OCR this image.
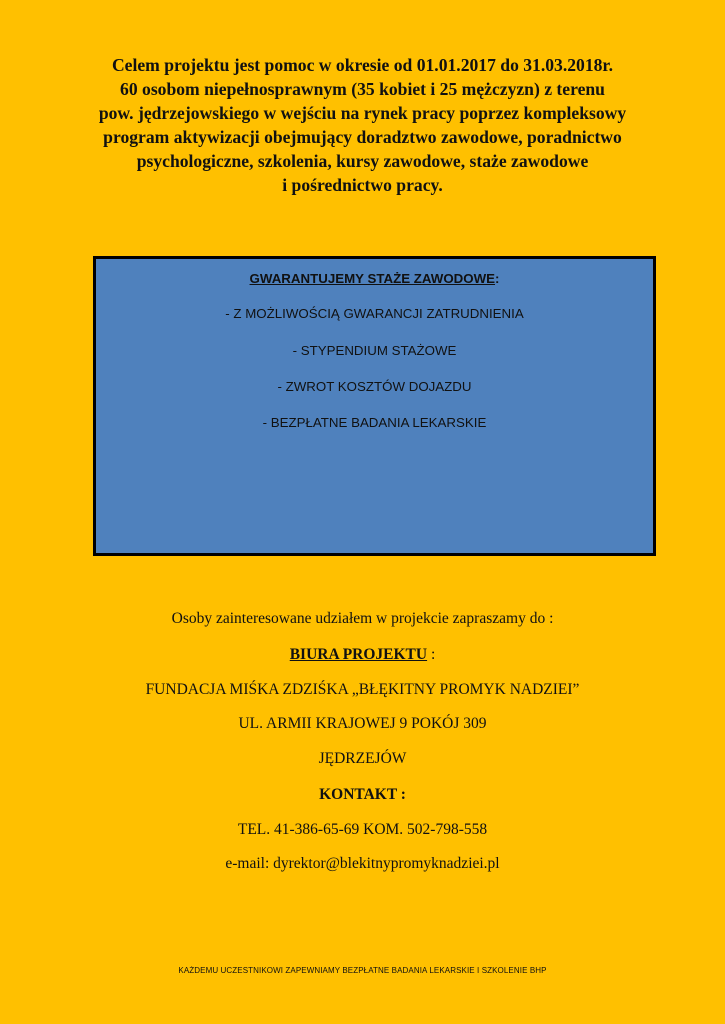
Celem projektu jest pomoc w okresie od 01.01.2017 do 31.03.2018r.
60 osobom niepełnosprawnym (35 kobiet i 25 mężczyzn) z terenu
pow. jędrzejowskiego w wejściu na rynek pracy poprzez kompleksowy
program aktywizacji obejmujący doradztwo zawodowe, poradnictwo
psychologiczne, szkolenia, kursy zawodowe, staże zawodowe
i pośrednictwo pracy.
GWARANTUJEMY STAŻE ZAWODOWE:
- Z MOŻLIWOŚCIĄ GWARANCJI ZATRUDNIENIA
- STYPENDIUM STAŻOWE
- ZWROT KOSZTÓW DOJAZDU
- BEZPŁATNE BADANIA LEKARSKIE
Osoby zainteresowane udziałem w projekcie zapraszamy do :
BIURA PROJEKTU :
FUNDACJA MIŚKA ZDZIŚKA „BŁĘKITNY PROMYK NADZIEI”
UL. ARMII KRAJOWEJ 9 POKÓJ 309
JĘDRZEJÓW
KONTAKT :
TEL. 41-386-65-69 KOM. 502-798-558
e-mail: dyrektor@blekitnypromyknadziei.pl
KAŻDEMU UCZESTNIKOWI ZAPEWNIAMY BEZPŁATNE BADANIA LEKARSKIE I SZKOLENIE BHP
